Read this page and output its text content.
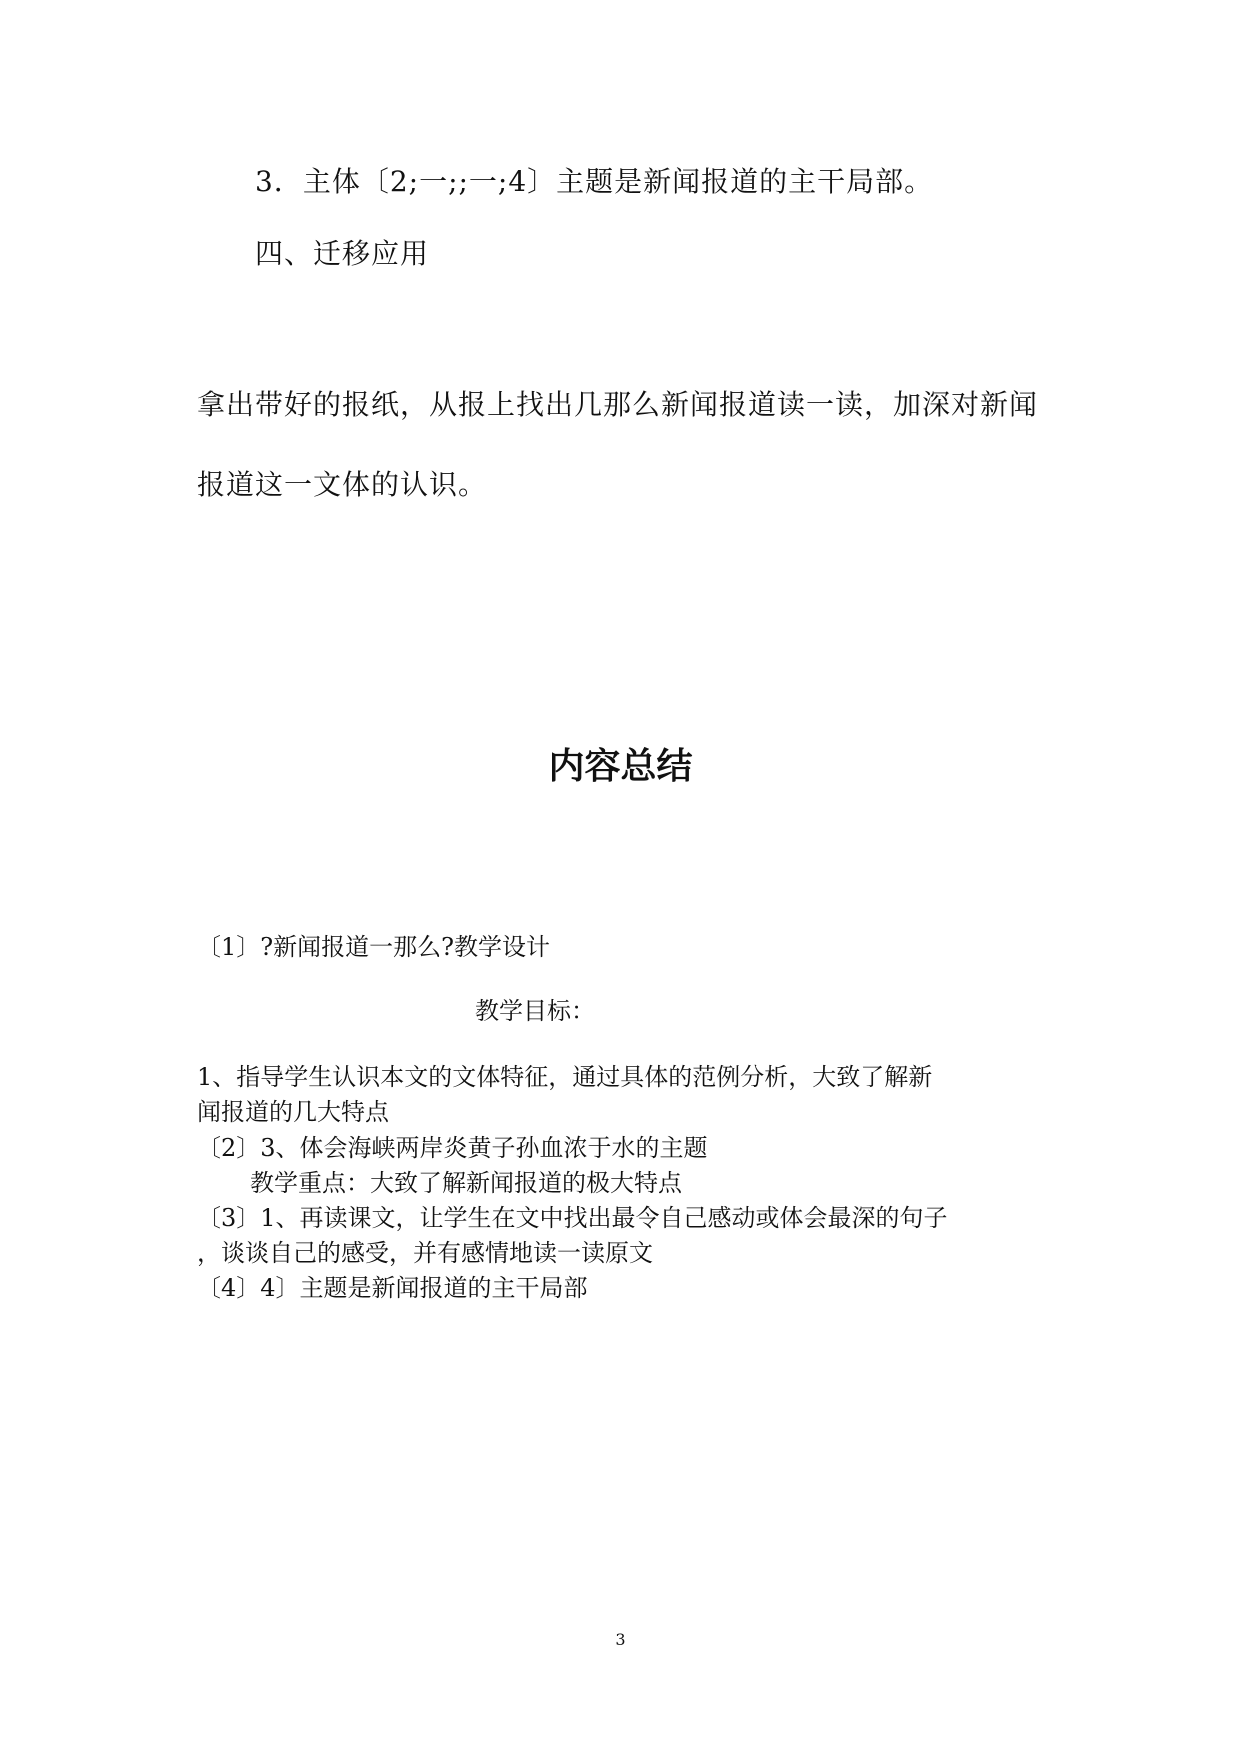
3．主体〔2;一;;一;4〕主题是新闻报道的主干局部。

四、迁移应用

拿出带好的报纸，从报上找出几那么新闻报道读一读，加深对新闻

报道这一文体的认识。

内容总结

〔1〕?新闻报道一那么?教学设计

教学目标：

1、指导学生认识本文的文体特征，通过具体的范例分析，大致了解新

闻报道的几大特点

〔2〕3、体会海峡两岸炎黄子孙血浓于水的主题

教学重点：大致了解新闻报道的极大特点

〔3〕1、再读课文，让学生在文中找出最令自己感动或体会最深的句子

，谈谈自己的感受，并有感情地读一读原文

〔4〕4〕主题是新闻报道的主干局部

3
